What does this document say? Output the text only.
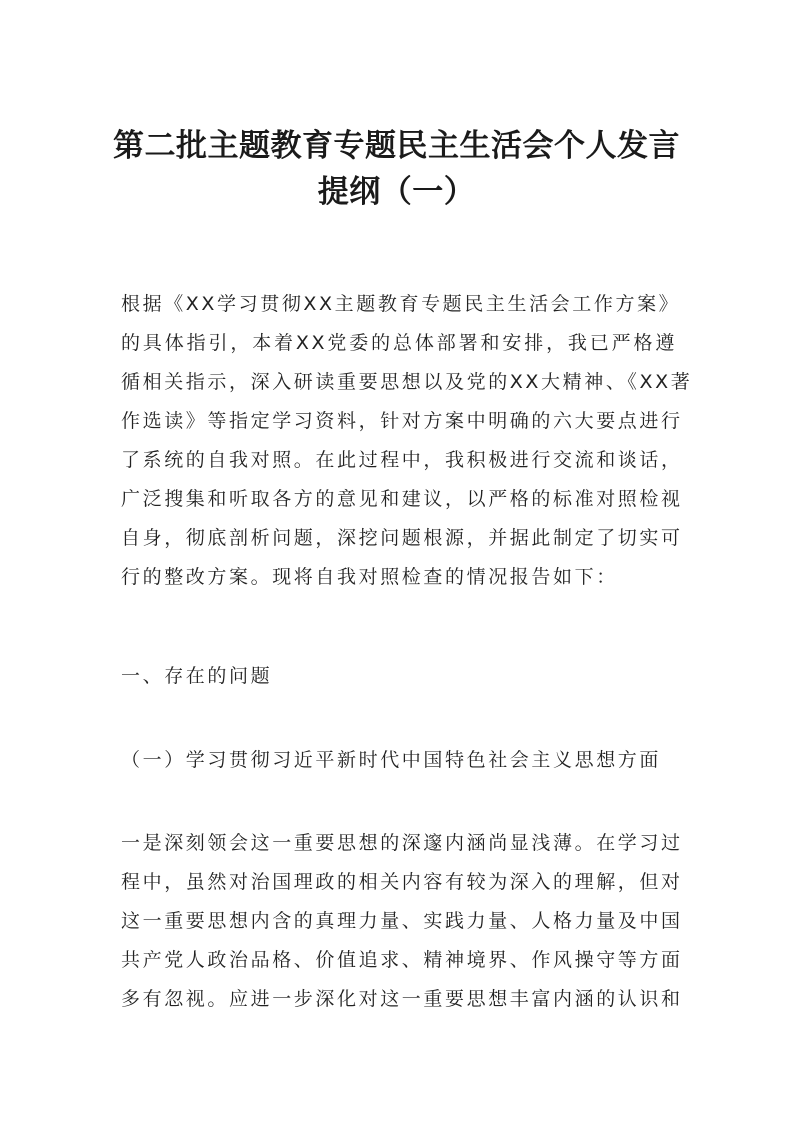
第二批主题教育专题民主生活会个人发言
提纲（一）
根据《XX学习贯彻XX主题教育专题民主生活会工作方案》
的具体指引，本着XX党委的总体部署和安排，我已严格遵
循相关指示，深入研读重要思想以及党的XX大精神、《XX著
作选读》等指定学习资料，针对方案中明确的六大要点进行
了系统的自我对照。在此过程中，我积极进行交流和谈话，
广泛搜集和听取各方的意见和建议，以严格的标准对照检视
自身，彻底剖析问题，深挖问题根源，并据此制定了切实可
行的整改方案。现将自我对照检查的情况报告如下：
一、存在的问题
（一）学习贯彻习近平新时代中国特色社会主义思想方面
一是深刻领会这一重要思想的深邃内涵尚显浅薄。在学习过
程中，虽然对治国理政的相关内容有较为深入的理解，但对
这一重要思想内含的真理力量、实践力量、人格力量及中国
共产党人政治品格、价值追求、精神境界、作风操守等方面
多有忽视。应进一步深化对这一重要思想丰富内涵的认识和
